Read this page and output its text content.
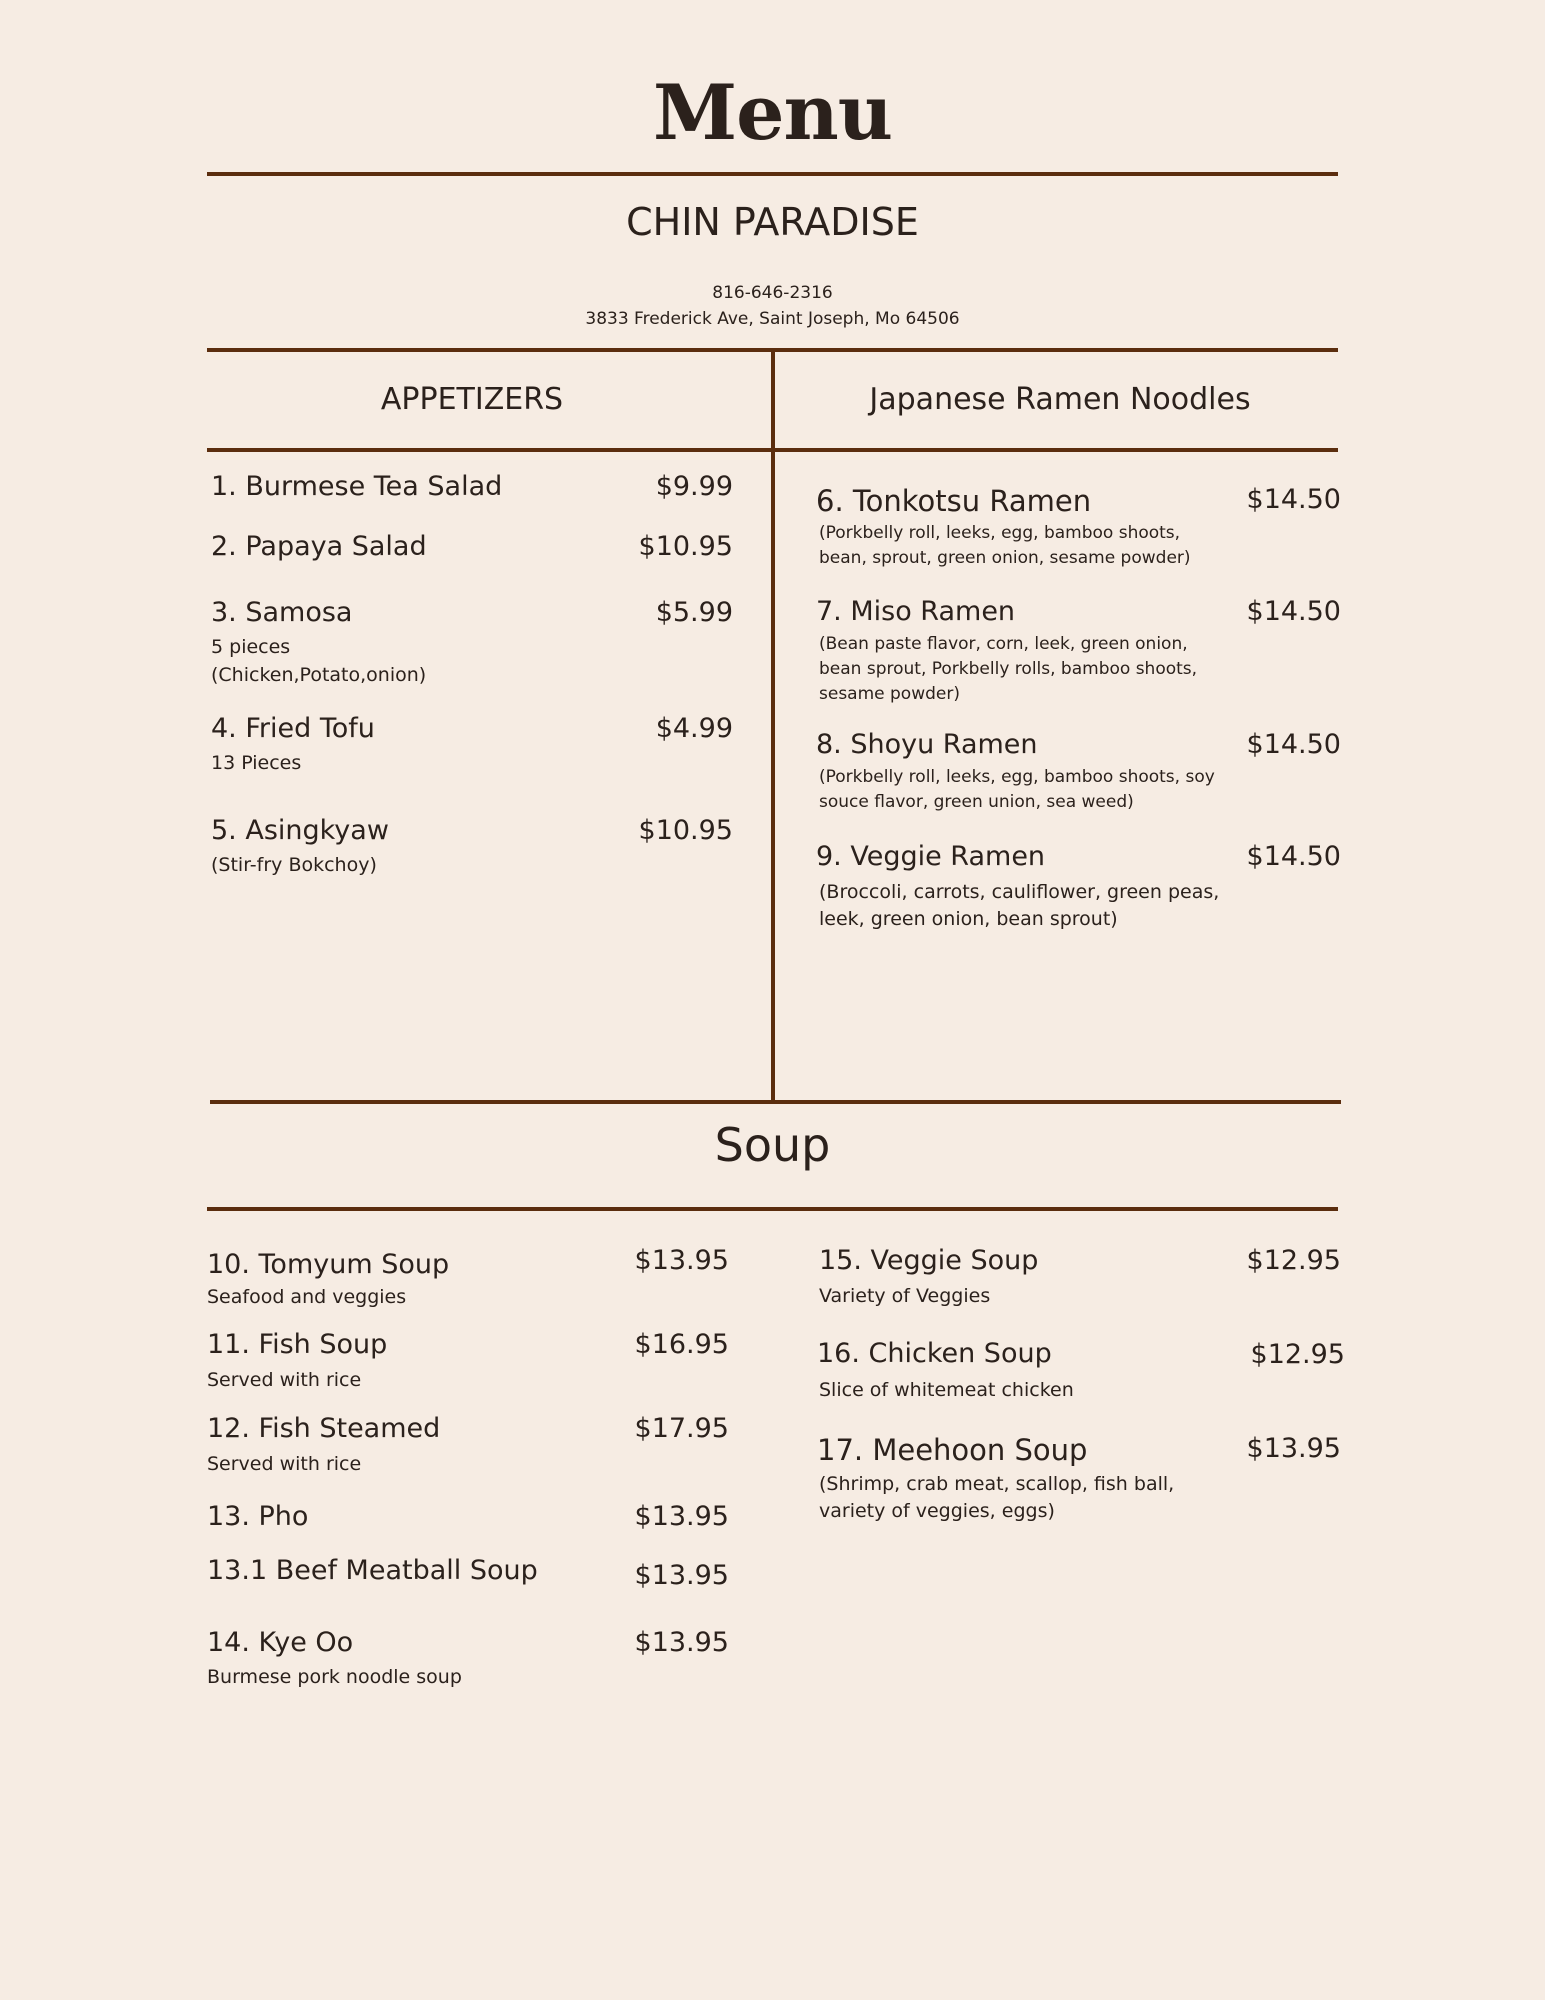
Menu
CHIN PARADISE
816-646-2316
3833 Frederick Ave, Saint Joseph, Mo 64506
APPETIZERS	Japanese Ramen Noodles
1. Burmese Tea Salad	$9.99
2. Papaya Salad	$10.95
3. Samosa	$5.99
5 pieces
(Chicken,Potato,onion)
4. Fried Tofu	$4.99
13 Pieces
5. Asingkyaw	$10.95
(Stir-fry Bokchoy)
6. Tonkotsu Ramen	$14.50
(Porkbelly roll, leeks, egg, bamboo shoots,
bean, sprout, green onion, sesame powder)
7. Miso Ramen	$14.50
(Bean paste flavor, corn, leek, green onion,
bean sprout, Porkbelly rolls, bamboo shoots,
sesame powder)
8. Shoyu Ramen	$14.50
(Porkbelly roll, leeks, egg, bamboo shoots, soy
souce flavor, green union, sea weed)
9. Veggie Ramen	$14.50
(Broccoli, carrots, cauliflower, green peas,
leek, green onion, bean sprout)
Soup
10. Tomyum Soup	$13.95
Seafood and veggies
11. Fish Soup	$16.95
Served with rice
12. Fish Steamed	$17.95
Served with rice
13. Pho	$13.95
13.1 Beef Meatball Soup	$13.95
14. Kye Oo	$13.95
Burmese pork noodle soup
15. Veggie Soup	$12.95
Variety of Veggies
16. Chicken Soup	$12.95
Slice of whitemeat chicken
17. Meehoon Soup	$13.95
(Shrimp, crab meat, scallop, fish ball,
variety of veggies, eggs)
